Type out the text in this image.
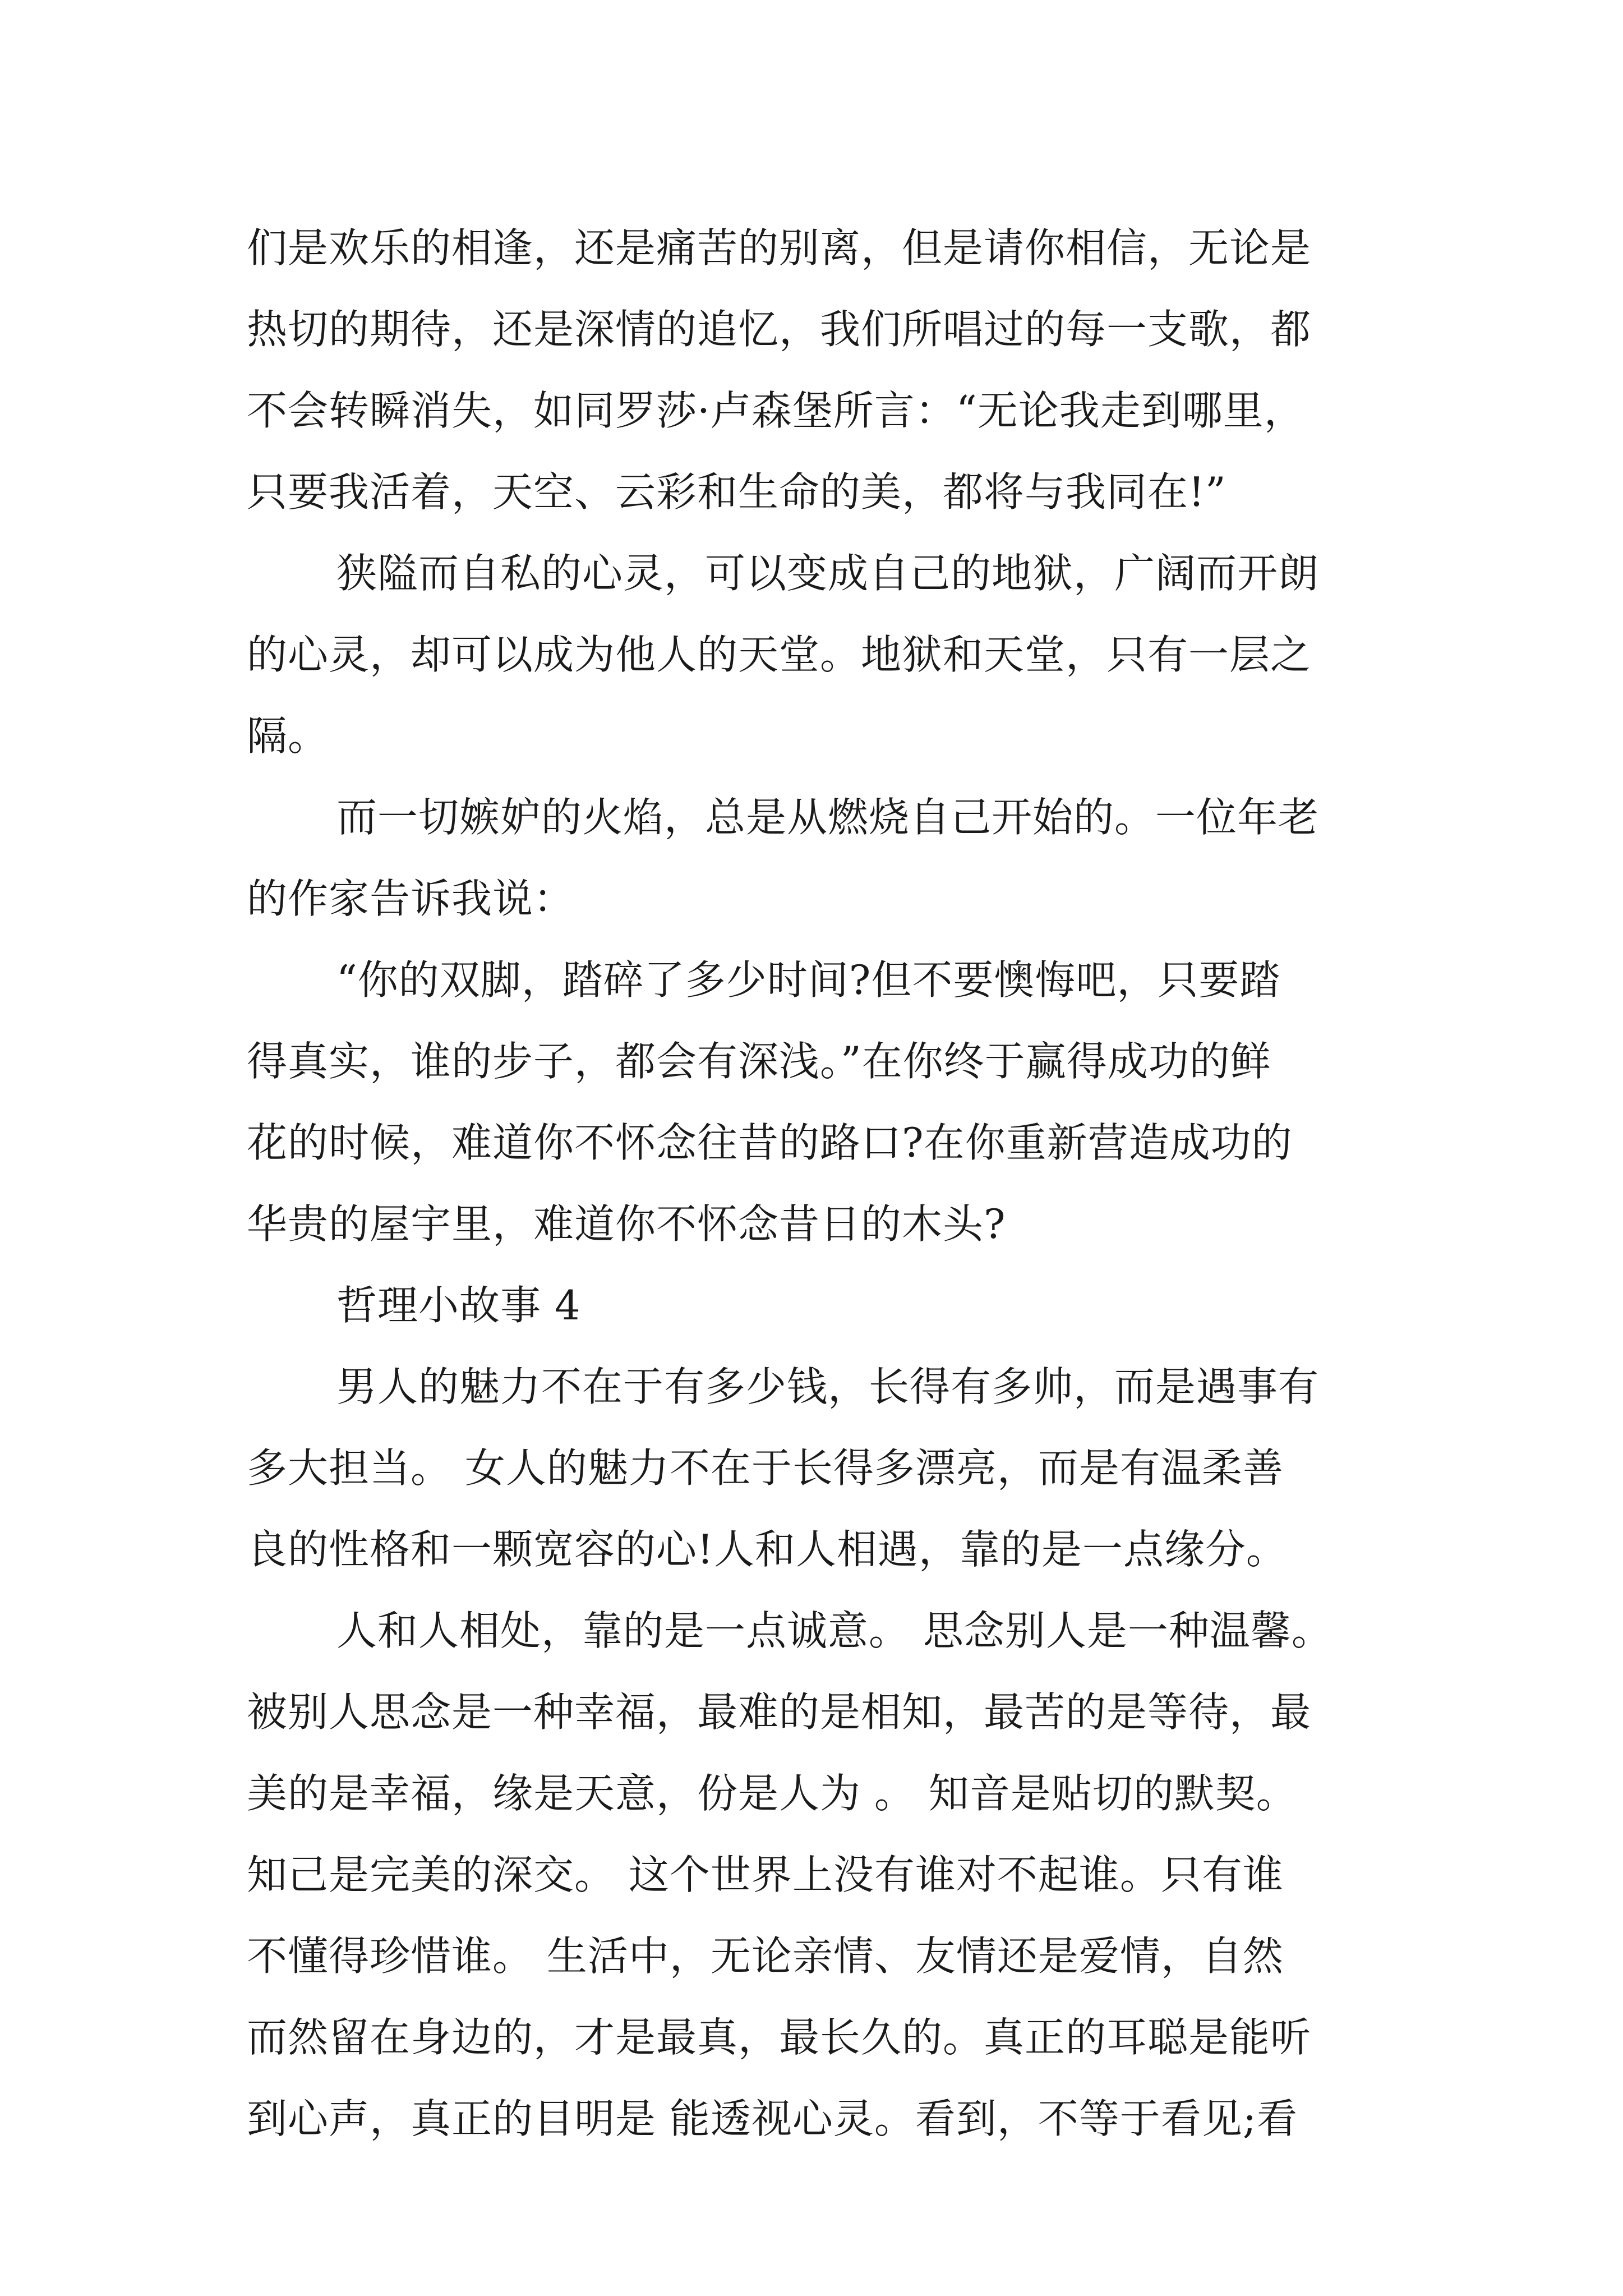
们是欢乐的相逢，还是痛苦的别离，但是请你相信，无论是
热切的期待，还是深情的追忆，我们所唱过的每一支歌，都
不会转瞬消失，如同罗莎·卢森堡所言：“无论我走到哪里，
只要我活着，天空、云彩和生命的美，都将与我同在!”
狭隘而自私的心灵，可以变成自己的地狱，广阔而开朗
的心灵，却可以成为他人的天堂。地狱和天堂，只有一层之
隔。
而一切嫉妒的火焰，总是从燃烧自己开始的。一位年老
的作家告诉我说：
“你的双脚，踏碎了多少时间?但不要懊悔吧，只要踏
得真实，谁的步子，都会有深浅。”在你终于赢得成功的鲜
花的时候，难道你不怀念往昔的路口?在你重新营造成功的
华贵的屋宇里，难道你不怀念昔日的木头?
哲理小故事 4
男人的魅力不在于有多少钱，长得有多帅，而是遇事有
多大担当。 女人的魅力不在于长得多漂亮，而是有温柔善
良的性格和一颗宽容的心!人和人相遇，靠的是一点缘分。
人和人相处，靠的是一点诚意。 思念别人是一种温馨。
被别人思念是一种幸福，最难的是相知，最苦的是等待，最
美的是幸福，缘是天意，份是人为 。 知音是贴切的默契。
知己是完美的深交。 这个世界上没有谁对不起谁。只有谁
不懂得珍惜谁。 生活中，无论亲情、友情还是爱情，自然
而然留在身边的，才是最真，最长久的。真正的耳聪是能听
到心声，真正的目明是 能透视心灵。看到，不等于看见;看
